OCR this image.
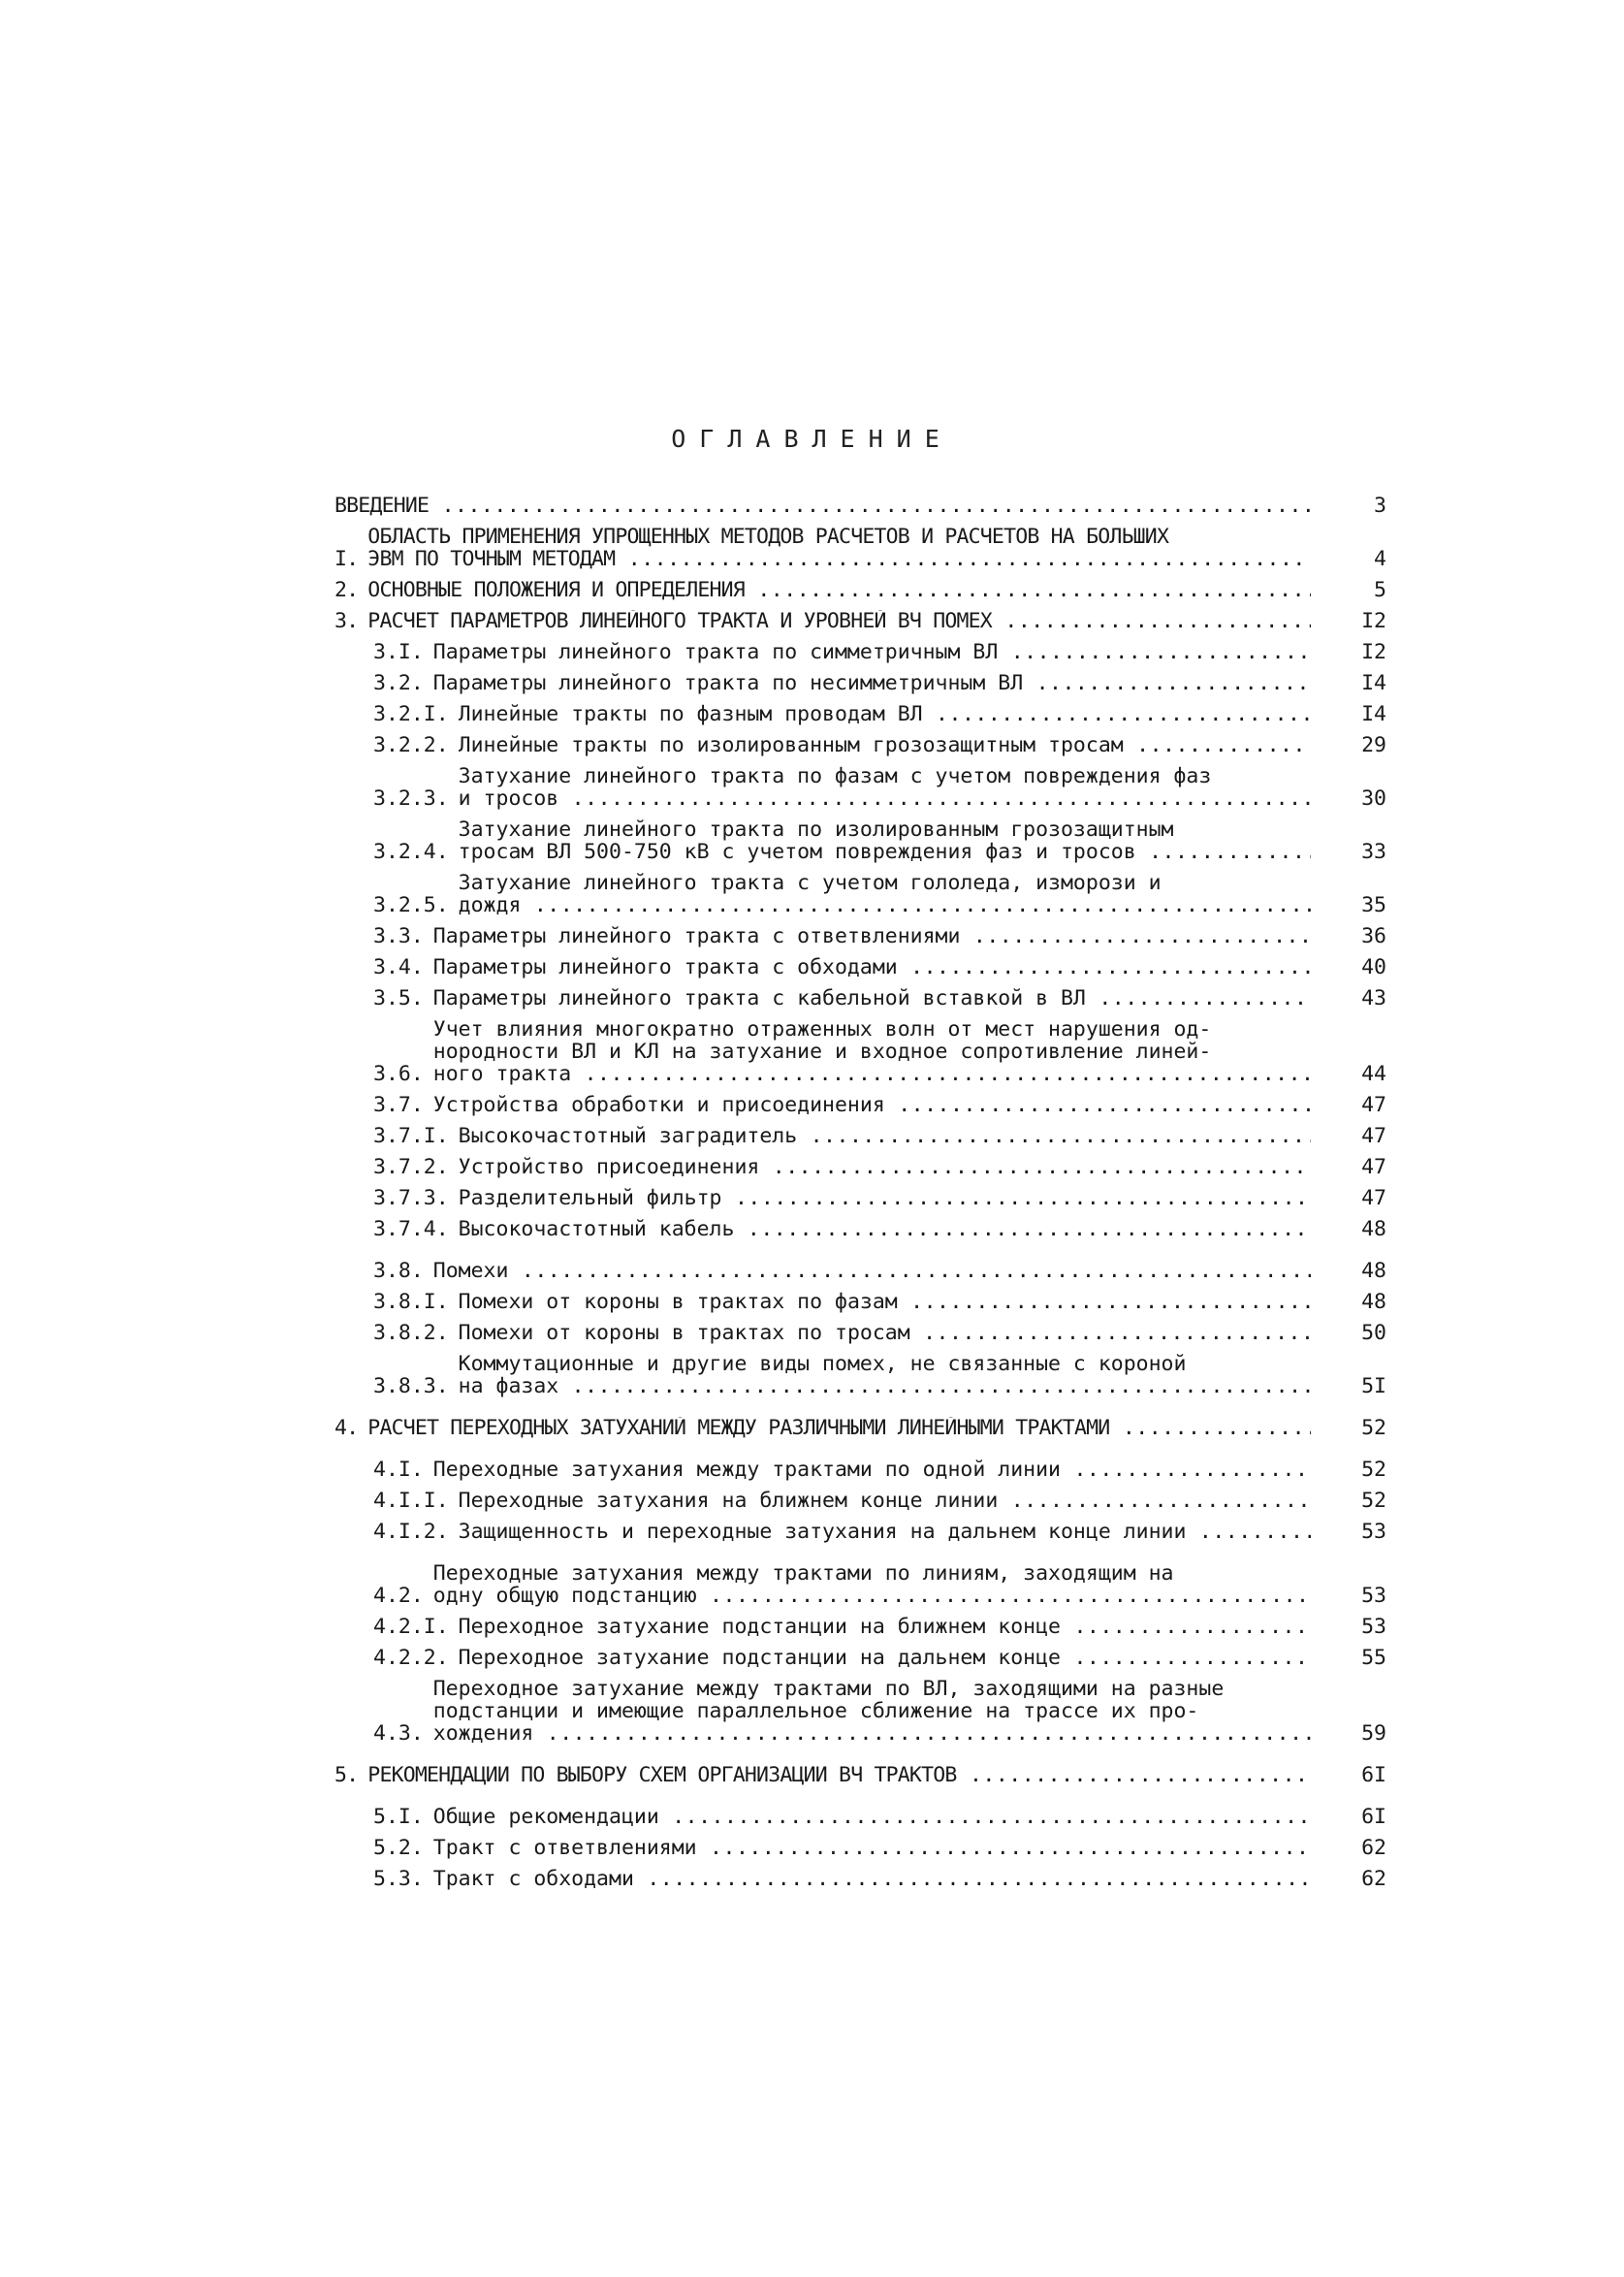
ОГЛАВЛЕНИЕ
ВВЕДЕНИЕ .....	3
I.
ОБЛАСТЬ ПРИМЕНЕНИЯ УПРОЩЕННЫХ МЕТОДОВ РАСЧЕТОВ И РАСЧЕТОВ НА БОЛЬШИХ
ЭВМ ПО ТОЧНЫМ МЕТОДАМ .....	4
2. ОСНОВНЫЕ ПОЛОЖЕНИЯ И ОПРЕДЕЛЕНИЯ .....	5
3. РАСЧЕТ ПАРАМЕТРОВ ЛИНЕЙНОГО ТРАКТА И УРОВНЕЙ ВЧ ПОМЕХ .....	I2
3.I. Параметры линейного тракта по симметричным ВЛ .....	I2
3.2. Параметры линейного тракта по несимметричным ВЛ .....	I4
3.2.I. Линейные тракты по фазным проводам ВЛ .....	I4
3.2.2. Линейные тракты по изолированным грозозащитным тросам .....	29
3.2.3.
Затухание линейного тракта по фазам с учетом повреждения фаз
и тросов .....	30
3.2.4.
Затухание линейного тракта по изолированным грозозащитным
тросам ВЛ 500-750 кВ с учетом повреждения фаз и тросов .....	33
3.2.5.
Затухание линейного тракта с учетом гололеда, изморози и
дождя .....	35
3.3. Параметры линейного тракта с ответвлениями .....	36
3.4. Параметры линейного тракта с обходами .....	40
3.5. Параметры линейного тракта с кабельной вставкой в ВЛ .....	43
3.6.
Учет влияния многократно отраженных волн от мест нарушения од-
нородности ВЛ и КЛ на затухание и входное сопротивление линей-
ного тракта .....	44
3.7. Устройства обработки и присоединения .....	47
3.7.I. Высокочастотный заградитель .....	47
3.7.2. Устройство присоединения .....	47
3.7.3. Разделительный фильтр .....	47
3.7.4. Высокочастотный кабель .....	48
3.8. Помехи .....	48
3.8.I. Помехи от короны в трактах по фазам .....	48
3.8.2. Помехи от короны в трактах по тросам .....	50
3.8.3.
Коммутационные и другие виды помех, не связанные с короной
на фазах .....	5I
4. РАСЧЕТ ПЕРЕХОДНЫХ ЗАТУХАНИЙ МЕЖДУ РАЗЛИЧНЫМИ ЛИНЕЙНЫМИ ТРАКТАМИ .....	52
4.I. Переходные затухания между трактами по одной линии .....	52
4.I.I. Переходные затухания на ближнем конце линии .....	52
4.I.2. Защищенность и переходные затухания на дальнем конце линии .....	53
4.2.
Переходные затухания между трактами по линиям, заходящим на
одну общую подстанцию .....	53
4.2.I. Переходное затухание подстанции на ближнем конце .....	53
4.2.2. Переходное затухание подстанции на дальнем конце .....	55
4.3.
Переходное затухание между трактами по ВЛ, заходящими на разные
подстанции и имеющие параллельное сближение на трассе их про-
хождения .....	59
5. РЕКОМЕНДАЦИИ ПО ВЫБОРУ СХЕМ ОРГАНИЗАЦИИ ВЧ ТРАКТОВ .....	6I
5.I. Общие рекомендации .....	6I
5.2. Тракт с ответвлениями .....	62
5.3. Тракт с обходами .....	62
